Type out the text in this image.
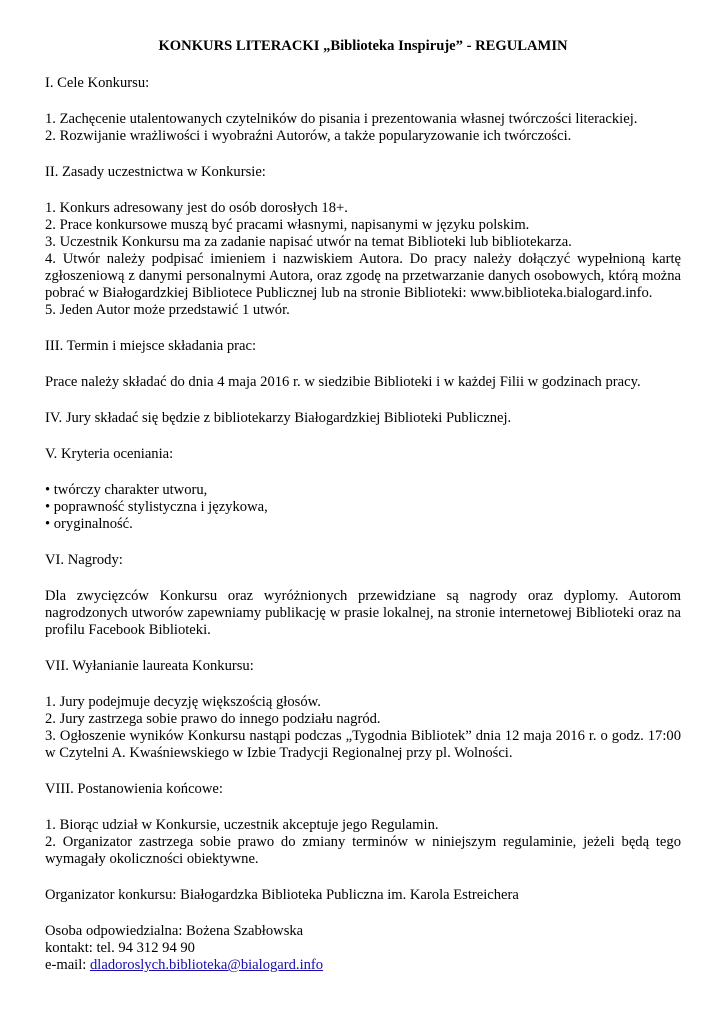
KONKURS LITERACKI „Biblioteka Inspiruje” - REGULAMIN
I. Cele Konkursu:

1. Zachęcenie utalentowanych czytelników do pisania i prezentowania własnej twórczości literackiej.

2. Rozwijanie wrażliwości i wyobraźni Autorów, a także popularyzowanie ich twórczości.

II. Zasady uczestnictwa w Konkursie:

1. Konkurs adresowany jest do osób dorosłych 18+.

2. Prace konkursowe muszą być pracami własnymi, napisanymi w języku polskim.

3. Uczestnik Konkursu ma za zadanie napisać utwór na temat Biblioteki lub bibliotekarza.

4. Utwór należy podpisać imieniem i nazwiskiem Autora. Do pracy należy dołączyć wypełnioną kartę zgłoszeniową z danymi personalnymi Autora, oraz zgodę na przetwarzanie danych osobowych, którą można pobrać w Białogardzkiej Bibliotece Publicznej lub na stronie Biblioteki: www.biblioteka.bialogard.info.

5. Jeden Autor może przedstawić 1 utwór.

III. Termin i miejsce składania prac:

Prace należy składać do dnia 4 maja 2016 r. w siedzibie Biblioteki i w każdej Filii w godzinach pracy.

IV. Jury składać się będzie z bibliotekarzy Białogardzkiej Biblioteki Publicznej.
V. Kryteria oceniania:

• twórczy charakter utworu,

• poprawność stylistyczna i językowa,

• oryginalność.

VI. Nagrody:

Dla zwycięzców Konkursu oraz wyróżnionych przewidziane są nagrody oraz dyplomy. Autorom nagrodzonych utworów zapewniamy publikację w prasie lokalnej, na stronie internetowej Biblioteki oraz na profilu Facebook Biblioteki.

VII. Wyłanianie laureata Konkursu:

1. Jury podejmuje decyzję większością głosów.

2. Jury zastrzega sobie prawo do innego podziału nagród.

3. Ogłoszenie wyników Konkursu nastąpi podczas „Tygodnia Bibliotek” dnia 12 maja 2016 r. o godz. 17:00 w Czytelni A. Kwaśniewskiego w Izbie Tradycji Regionalnej przy pl. Wolności.

VIII. Postanowienia końcowe:

1. Biorąc udział w Konkursie, uczestnik akceptuje jego Regulamin.

2. Organizator zastrzega sobie prawo do zmiany terminów w niniejszym regulaminie, jeżeli będą tego wymagały okoliczności obiektywne.

Organizator konkursu: Białogardzka Biblioteka Publiczna im. Karola Estreichera

Osoba odpowiedzialna: Bożena Szabłowska

kontakt: tel. 94 312 94 90

e-mail: dladoroslych.biblioteka@bialogard.info
